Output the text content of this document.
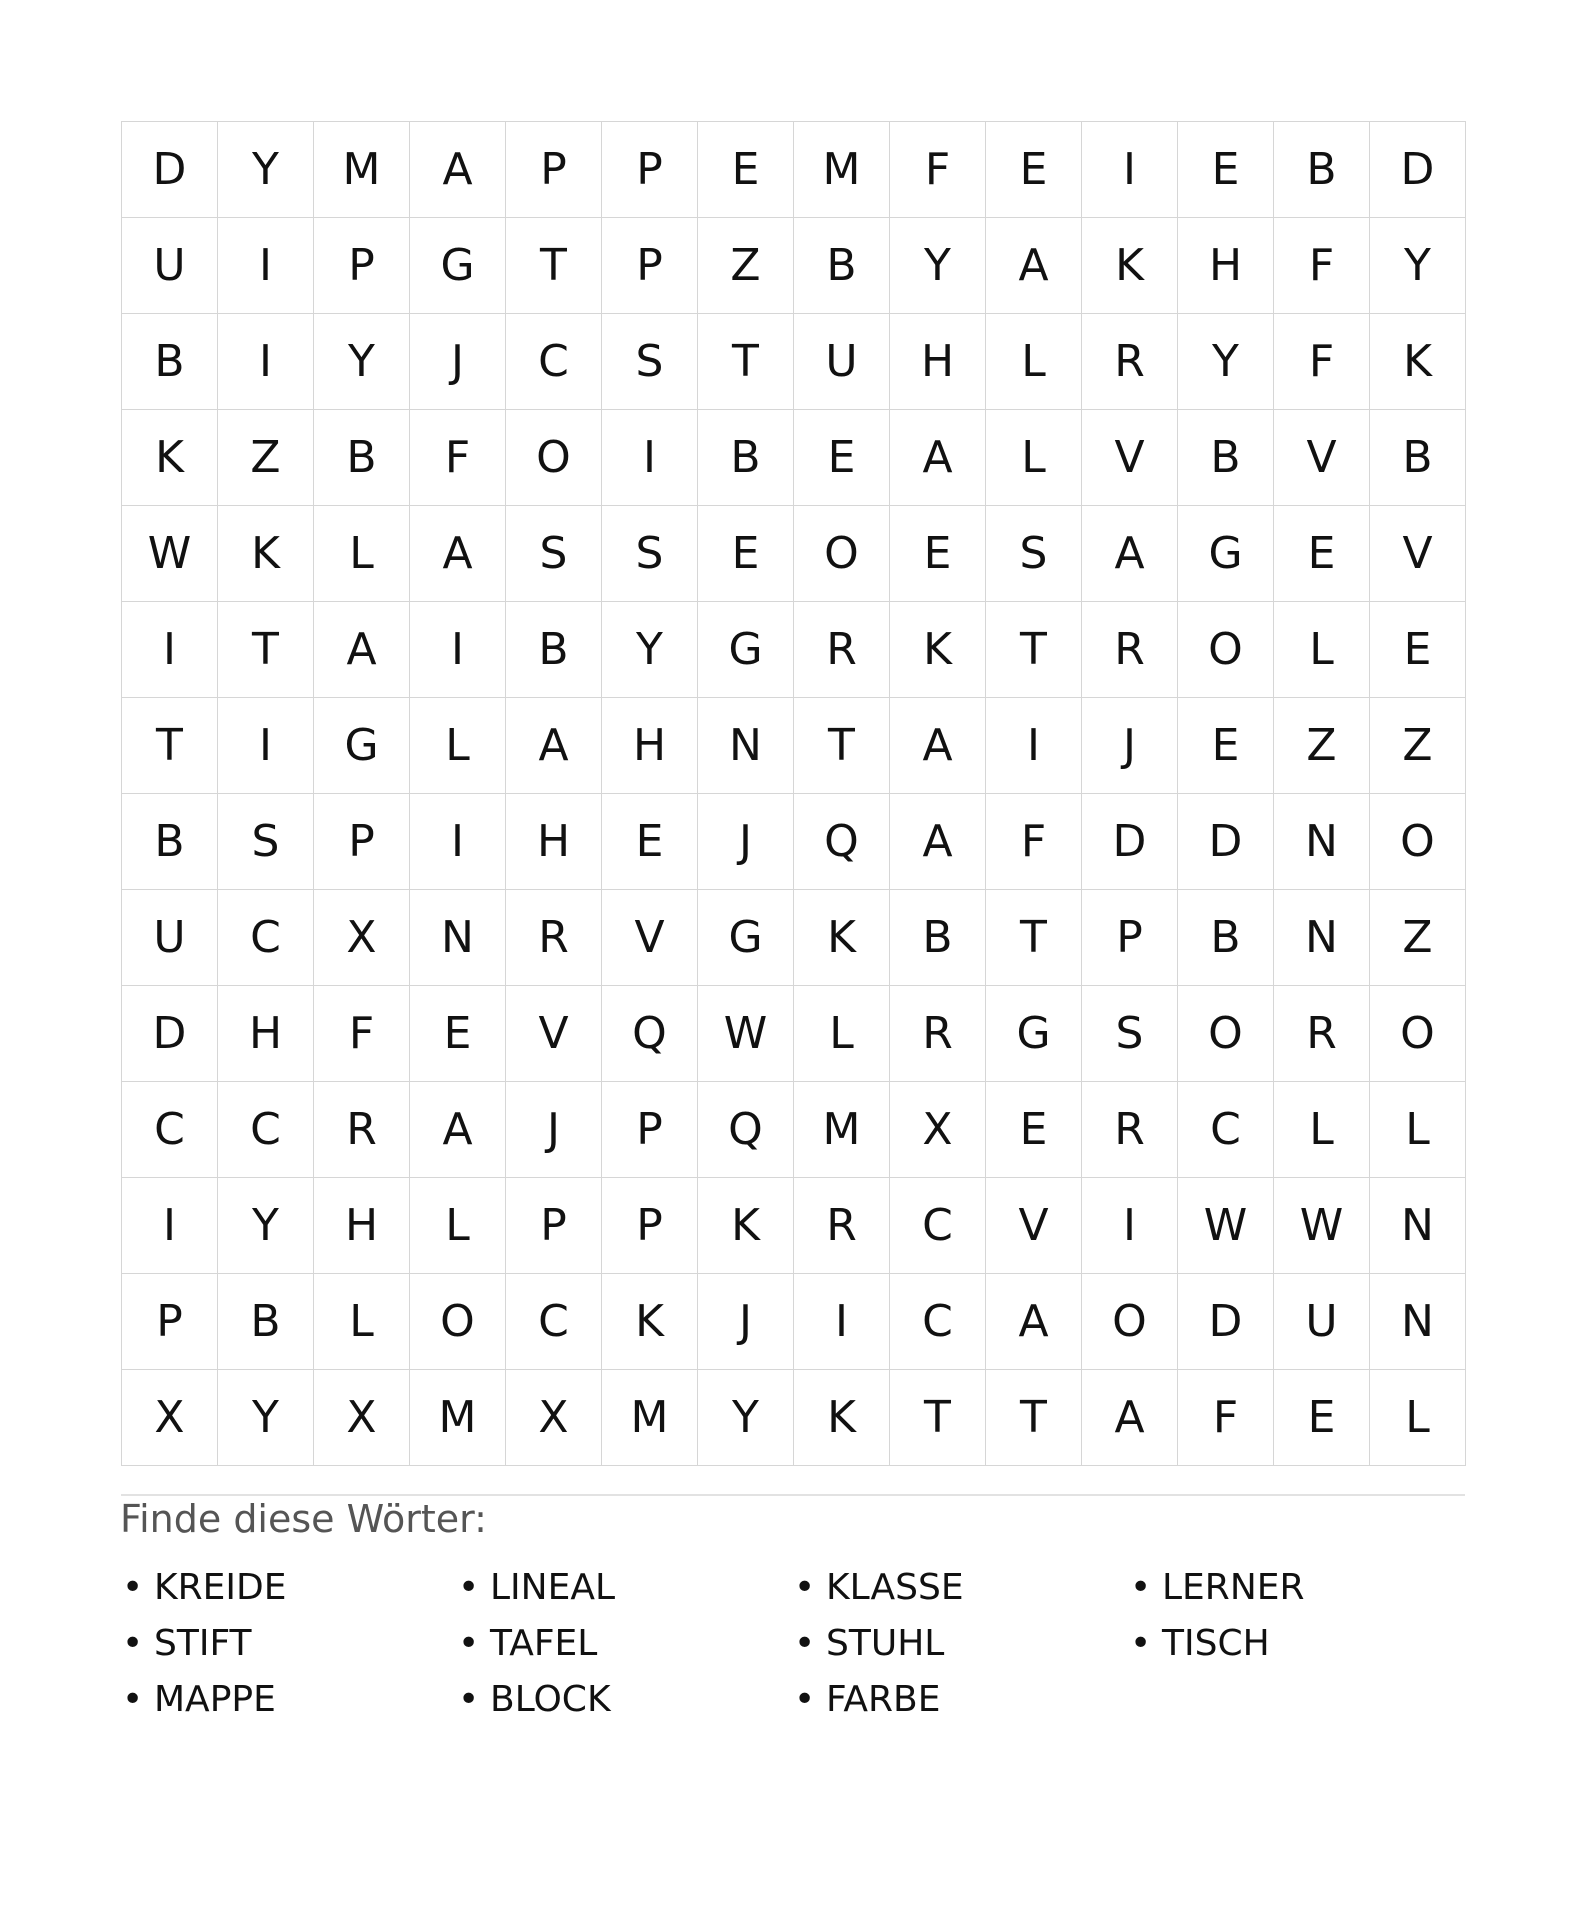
D	Y	M	A	P	P	E	M	F	E	I	E	B	D
U	I	P	G	T	P	Z	B	Y	A	K	H	F	Y
B	I	Y	J	C	S	T	U	H	L	R	Y	F	K
K	Z	B	F	O	I	B	E	A	L	V	B	V	B
W	K	L	A	S	S	E	O	E	S	A	G	E	V
I	T	A	I	B	Y	G	R	K	T	R	O	L	E
T	I	G	L	A	H	N	T	A	I	J	E	Z	Z
B	S	P	I	H	E	J	Q	A	F	D	D	N	O
U	C	X	N	R	V	G	K	B	T	P	B	N	Z
D	H	F	E	V	Q	W	L	R	G	S	O	R	O
C	C	R	A	J	P	Q	M	X	E	R	C	L	L
I	Y	H	L	P	P	K	R	C	V	I	W	W	N
P	B	L	O	C	K	J	I	C	A	O	D	U	N
X	Y	X	M	X	M	Y	K	T	T	A	F	E	L
Finde diese Wörter:
• KREIDE
• STIFT
• MAPPE
• LINEAL
• TAFEL
• BLOCK
• KLASSE
• STUHL
• FARBE
• LERNER
• TISCH
